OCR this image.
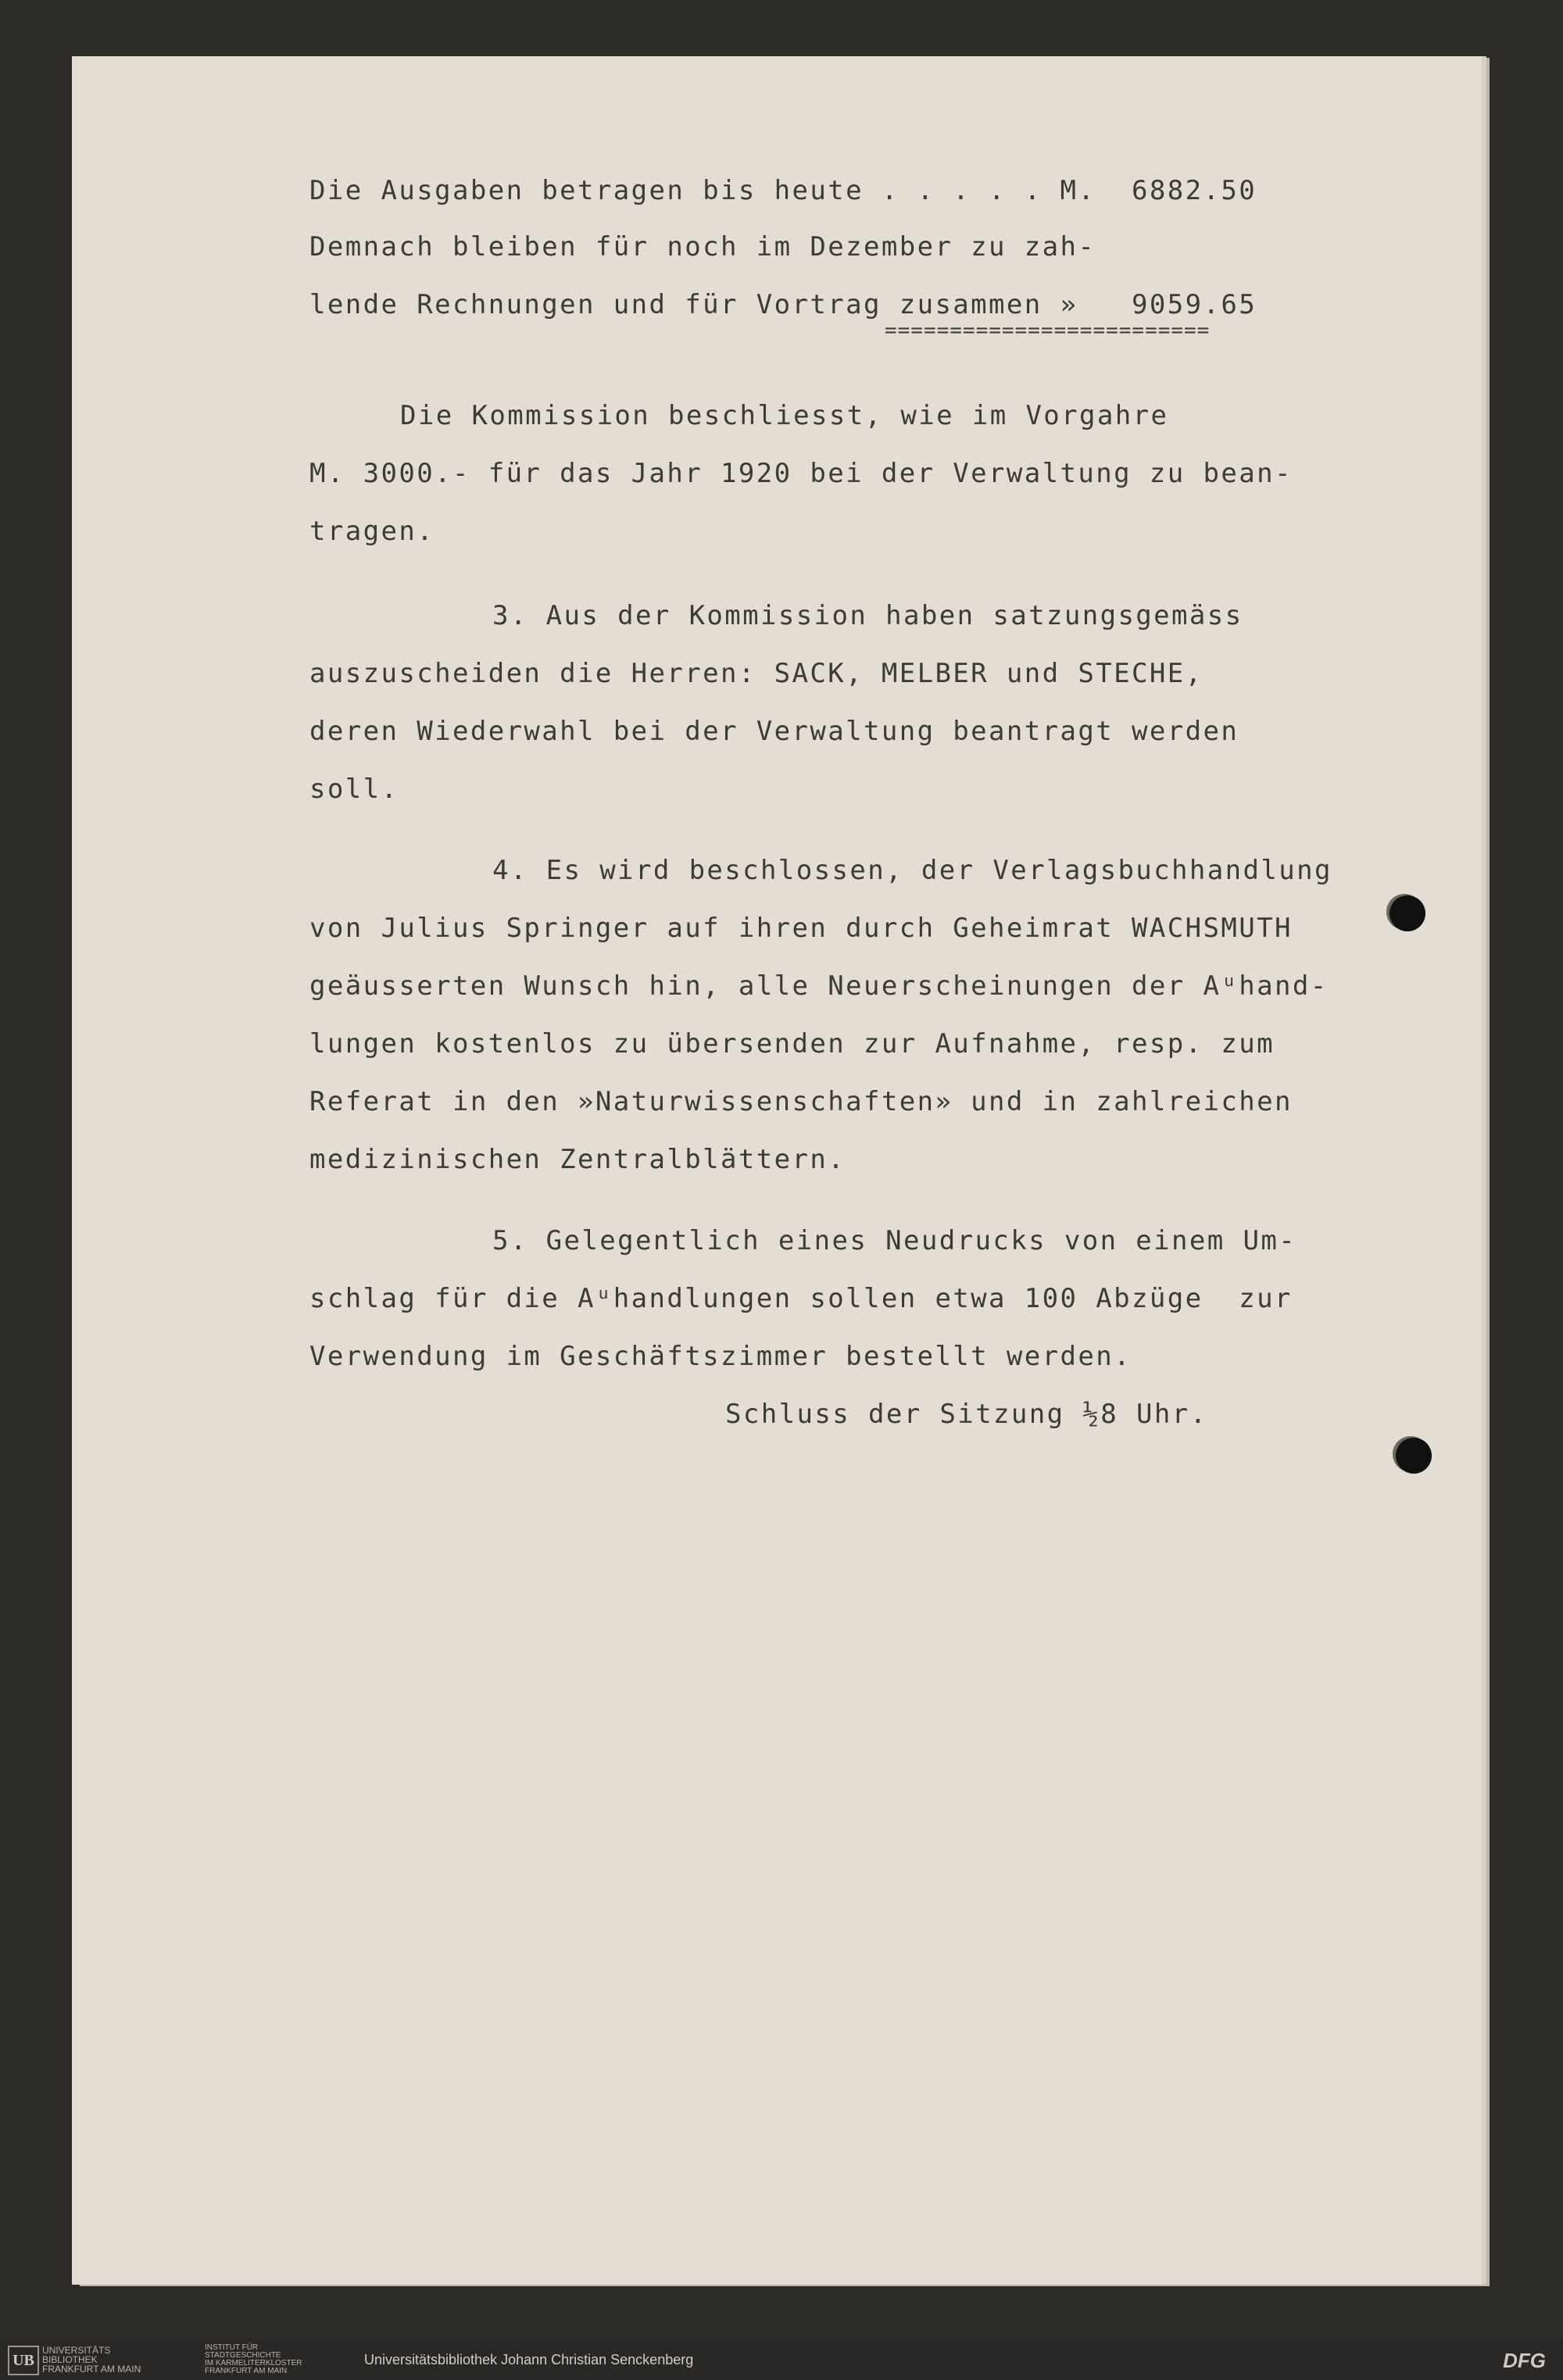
Die Ausgaben betragen bis heute . . . . . M.  6882.50
Demnach bleiben für noch im Dezember zu zah-
lende Rechnungen und für Vortrag zusammen »   9059.65
=========================
Die Kommission beschliesst, wie im Vorgahre
M. 3000.- für das Jahr 1920 bei der Verwaltung zu bean-
tragen.
3. Aus der Kommission haben satzungsgemäss
auszuscheiden die Herren: SACK, MELBER und STECHE,
deren Wiederwahl bei der Verwaltung beantragt werden
soll.
4. Es wird beschlossen, der Verlagsbuchhandlung
von Julius Springer auf ihren durch Geheimrat WACHSMUTH
geäusserten Wunsch hin, alle Neuerscheinungen der Aᵘhand-
lungen kostenlos zu übersenden zur Aufnahme, resp. zum
Referat in den »Naturwissenschaften» und in zahlreichen
medizinischen Zentralblättern.
5. Gelegentlich eines Neudrucks von einem Um-
schlag für die Aᵘhandlungen sollen etwa 100 Abzüge  zur
Verwendung im Geschäftszimmer bestellt werden.
Schluss der Sitzung ½8 Uhr.
UB
UNIVERSITÄTS
BIBLIOTHEK
FRANKFURT AM MAIN
INSTITUT FÜR
STADTGESCHICHTE
IM KARMELITERKLOSTER
FRANKFURT AM MAIN
Universitätsbibliothek Johann Christian Senckenberg	DFG
